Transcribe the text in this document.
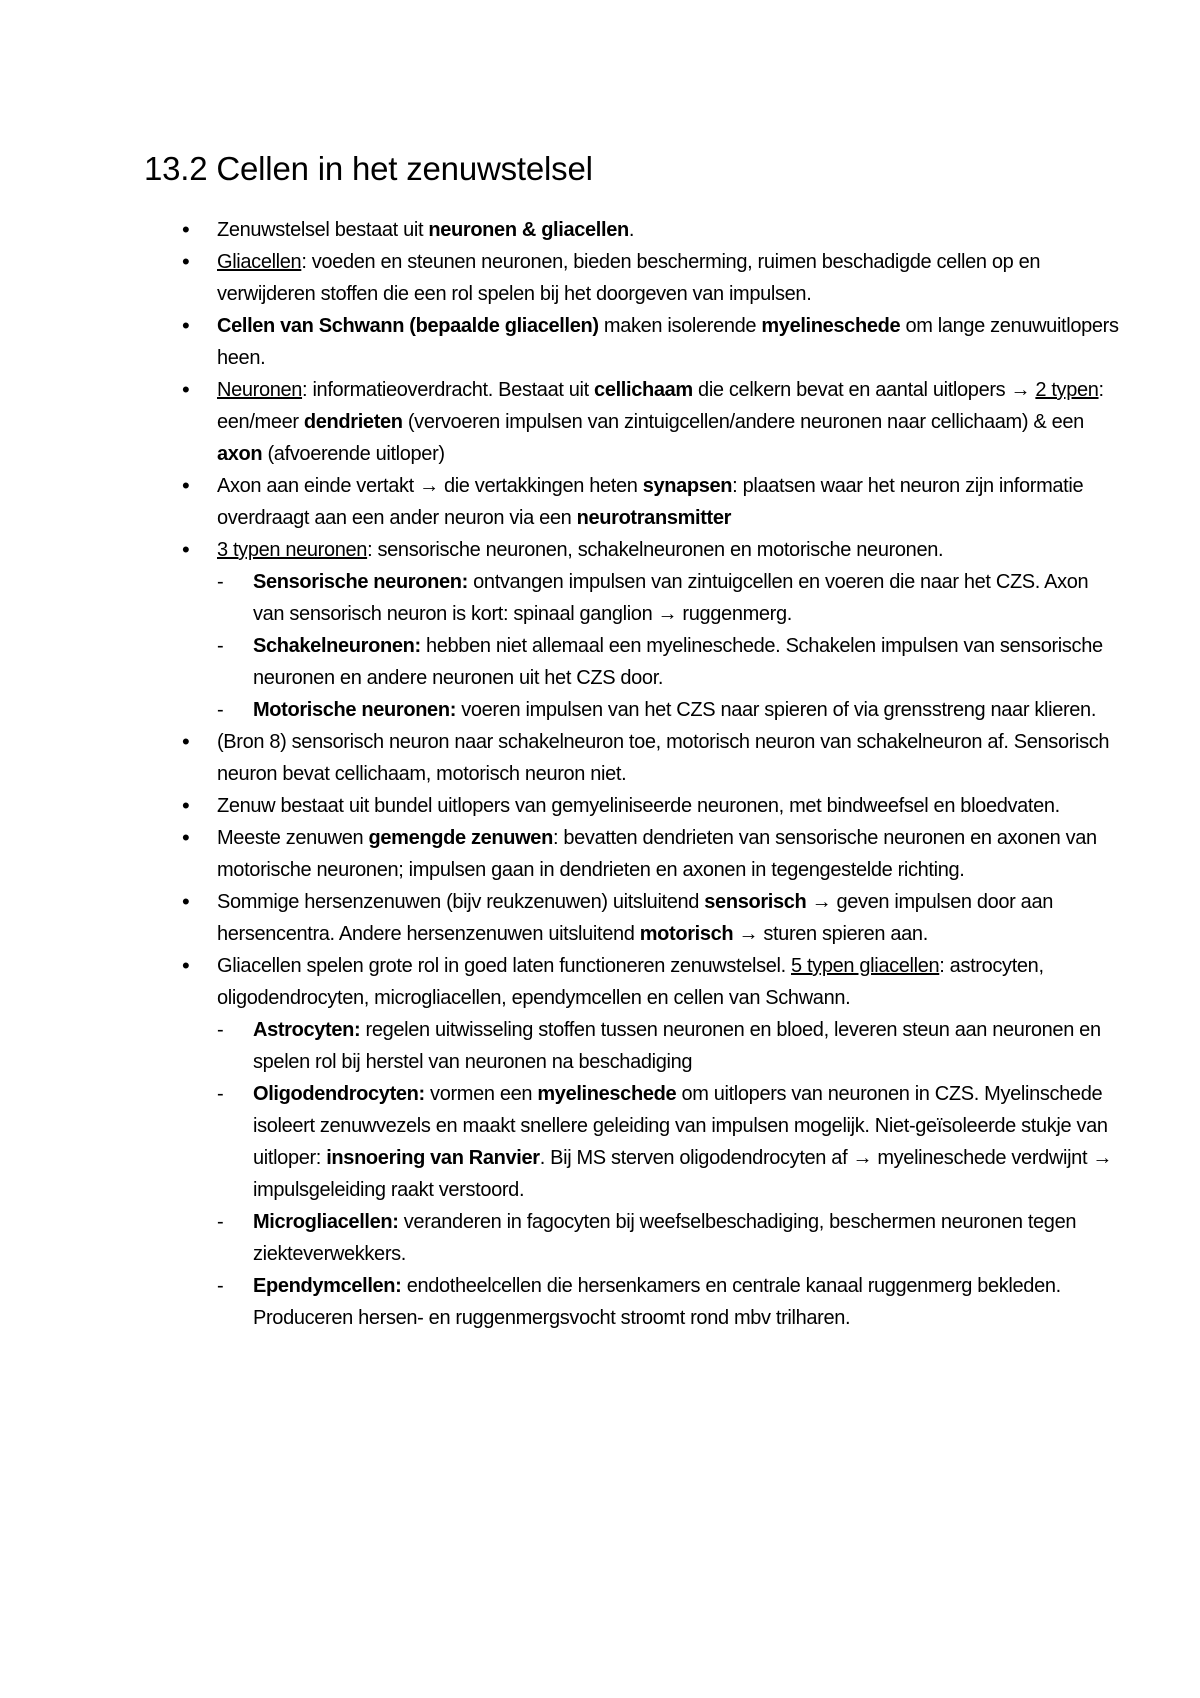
13.2 Cellen in het zenuwstelsel
• Zenuwstelsel bestaat uit neuronen & gliacellen.
• Gliacellen: voeden en steunen neuronen, bieden bescherming, ruimen beschadigde cellen op en verwijderen stoffen die een rol spelen bij het doorgeven van impulsen.
• Cellen van Schwann (bepaalde gliacellen) maken isolerende myelineschede om lange zenuwuitlopers heen.
• Neuronen: informatieoverdracht. Bestaat uit cellichaam die celkern bevat en aantal uitlopers → 2 typen: een/meer dendrieten (vervoeren impulsen van zintuigcellen/andere neuronen naar cellichaam) & een axon (afvoerende uitloper)
• Axon aan einde vertakt → die vertakkingen heten synapsen: plaatsen waar het neuron zijn informatie overdraagt aan een ander neuron via een neurotransmitter
• 3 typen neuronen: sensorische neuronen, schakelneuronen en motorische neuronen.
- Sensorische neuronen: ontvangen impulsen van zintuigcellen en voeren die naar het CZS. Axon van sensorisch neuron is kort: spinaal ganglion → ruggenmerg.
- Schakelneuronen: hebben niet allemaal een myelineschede. Schakelen impulsen van sensorische neuronen en andere neuronen uit het CZS door.
- Motorische neuronen: voeren impulsen van het CZS naar spieren of via grensstreng naar klieren.
• (Bron 8) sensorisch neuron naar schakelneuron toe, motorisch neuron van schakelneuron af. Sensorisch neuron bevat cellichaam, motorisch neuron niet.
• Zenuw bestaat uit bundel uitlopers van gemyeliniseerde neuronen, met bindweefsel en bloedvaten.
• Meeste zenuwen gemengde zenuwen: bevatten dendrieten van sensorische neuronen en axonen van motorische neuronen; impulsen gaan in dendrieten en axonen in tegengestelde richting.
• Sommige hersenzenuwen (bijv reukzenuwen) uitsluitend sensorisch → geven impulsen door aan hersencentra. Andere hersenzenuwen uitsluitend motorisch → sturen spieren aan.
• Gliacellen spelen grote rol in goed laten functioneren zenuwstelsel. 5 typen gliacellen: astrocyten, oligodendrocyten, microgliacellen, ependymcellen en cellen van Schwann.
- Astrocyten: regelen uitwisseling stoffen tussen neuronen en bloed, leveren steun aan neuronen en spelen rol bij herstel van neuronen na beschadiging
- Oligodendrocyten: vormen een myelineschede om uitlopers van neuronen in CZS. Myelinschede isoleert zenuwvezels en maakt snellere geleiding van impulsen mogelijk. Niet-geïsoleerde stukje van uitloper: insnoering van Ranvier. Bij MS sterven oligodendrocyten af → myelineschede verdwijnt → impulsgeleiding raakt verstoord.
- Microgliacellen: veranderen in fagocyten bij weefselbeschadiging, beschermen neuronen tegen ziekteverwekkers.
- Ependymcellen: endotheelcellen die hersenkamers en centrale kanaal ruggenmerg bekleden. Produceren hersen- en ruggenmergsvocht stroomt rond mbv trilharen.
